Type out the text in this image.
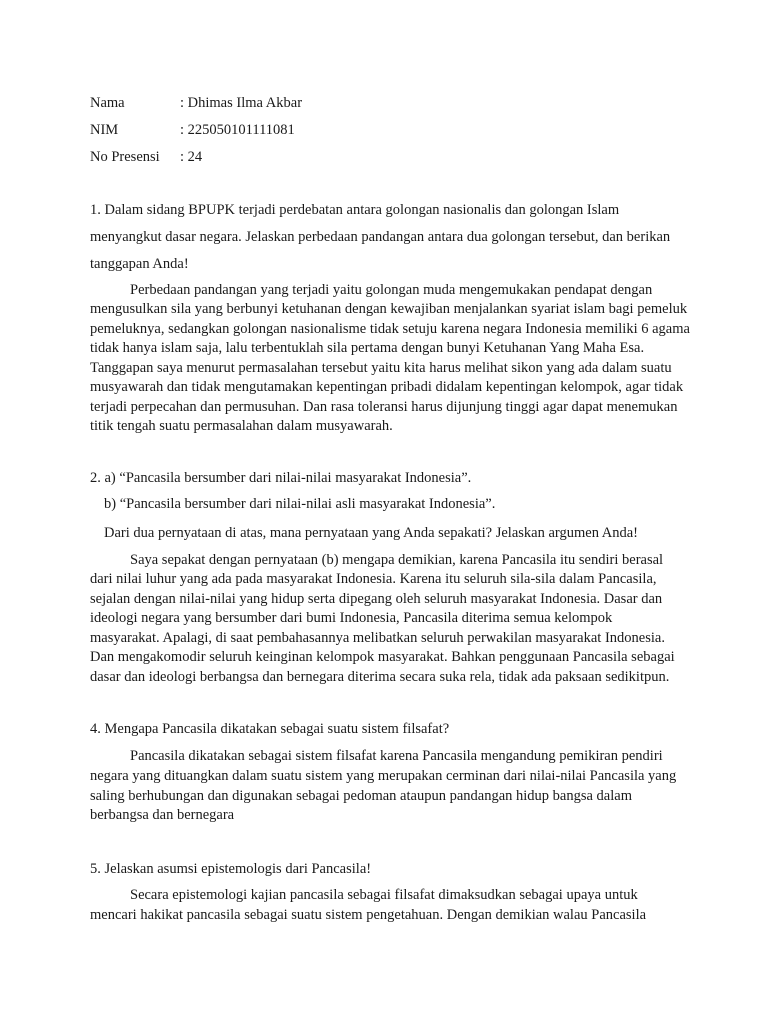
Nama	: Dhimas Ilma Akbar
NIM	: 225050101111081
No Presensi : 24
1. Dalam sidang BPUPK terjadi perdebatan antara golongan nasionalis dan golongan Islam
menyangkut dasar negara. Jelaskan perbedaan pandangan antara dua golongan tersebut, dan berikan
tanggapan Anda!
Perbedaan pandangan yang terjadi yaitu golongan muda mengemukakan pendapat dengan
mengusulkan sila yang berbunyi ketuhanan dengan kewajiban menjalankan syariat islam bagi pemeluk
pemeluknya, sedangkan golongan nasionalisme tidak setuju karena negara Indonesia memiliki 6 agama
tidak hanya islam saja, lalu terbentuklah sila pertama dengan bunyi Ketuhanan Yang Maha Esa.
Tanggapan saya menurut permasalahan tersebut yaitu kita harus melihat sikon yang ada dalam suatu
musyawarah dan tidak mengutamakan kepentingan pribadi didalam kepentingan kelompok, agar tidak
terjadi perpecahan dan permusuhan. Dan rasa toleransi harus dijunjung tinggi agar dapat menemukan
titik tengah suatu permasalahan dalam musyawarah.
2. a) “Pancasila bersumber dari nilai-nilai masyarakat Indonesia”.
b) “Pancasila bersumber dari nilai-nilai asli masyarakat Indonesia”.
Dari dua pernyataan di atas, mana pernyataan yang Anda sepakati? Jelaskan argumen Anda!
Saya sepakat dengan pernyataan (b) mengapa demikian, karena Pancasila itu sendiri berasal
dari nilai luhur yang ada pada masyarakat Indonesia. Karena itu seluruh sila-sila dalam Pancasila,
sejalan dengan nilai-nilai yang hidup serta dipegang oleh seluruh masyarakat Indonesia. Dasar dan
ideologi negara yang bersumber dari bumi Indonesia, Pancasila diterima semua kelompok
masyarakat. Apalagi, di saat pembahasannya melibatkan seluruh perwakilan masyarakat Indonesia.
Dan mengakomodir seluruh keinginan kelompok masyarakat. Bahkan penggunaan Pancasila sebagai
dasar dan ideologi berbangsa dan bernegara diterima secara suka rela, tidak ada paksaan sedikitpun.
4. Mengapa Pancasila dikatakan sebagai suatu sistem filsafat?
Pancasila dikatakan sebagai sistem filsafat karena Pancasila mengandung pemikiran pendiri
negara yang dituangkan dalam suatu sistem yang merupakan cerminan dari nilai-nilai Pancasila yang
saling berhubungan dan digunakan sebagai pedoman ataupun pandangan hidup bangsa dalam
berbangsa dan bernegara
5. Jelaskan asumsi epistemologis dari Pancasila!
Secara epistemologi kajian pancasila sebagai filsafat dimaksudkan sebagai upaya untuk
mencari hakikat pancasila sebagai suatu sistem pengetahuan. Dengan demikian walau Pancasila
